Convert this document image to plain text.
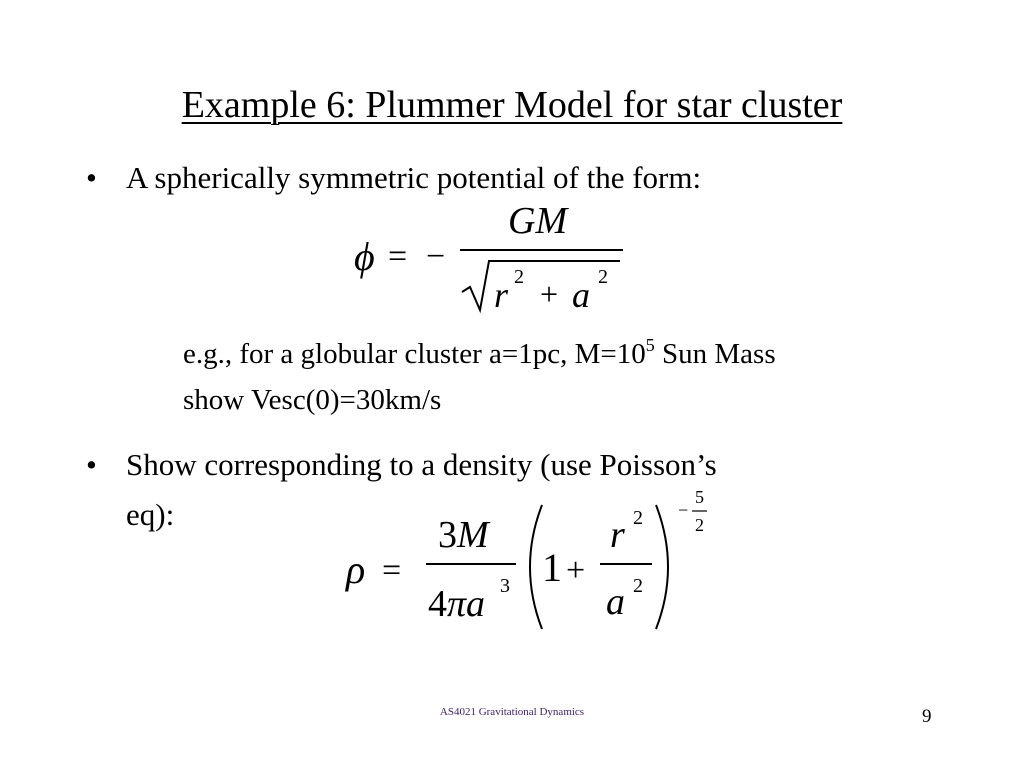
Example 6: Plummer Model for star cluster
• A spherically symmetric potential of the form:
ϕ = −
GM
r 2 + a 2
e.g., for a globular cluster a=1pc, $M=10^5$ Sun Mass
show Vesc(0)=30km/s
• Show corresponding to a density (use Poisson’s
eq):
ρ =
3M
4πa 3 1 +
r 2
a 2
−
5
2
AS4021 Gravitational Dynamics	9
